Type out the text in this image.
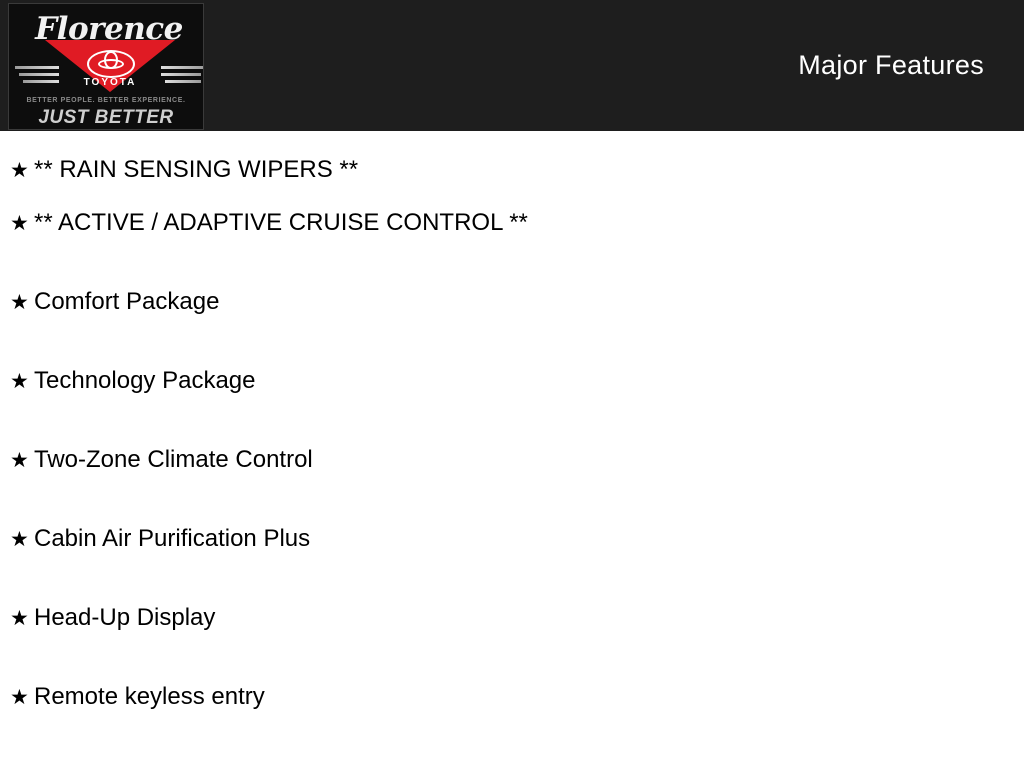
Florence
TOYOTA
BETTER PEOPLE. BETTER EXPERIENCE.
JUST BETTER
Major Features
★ ** RAIN SENSING WIPERS **
★ ** ACTIVE / ADAPTIVE CRUISE CONTROL **
★ Comfort Package
★ Technology Package
★ Two-Zone Climate Control
★ Cabin Air Purification Plus
★ Head-Up Display
★ Remote keyless entry
